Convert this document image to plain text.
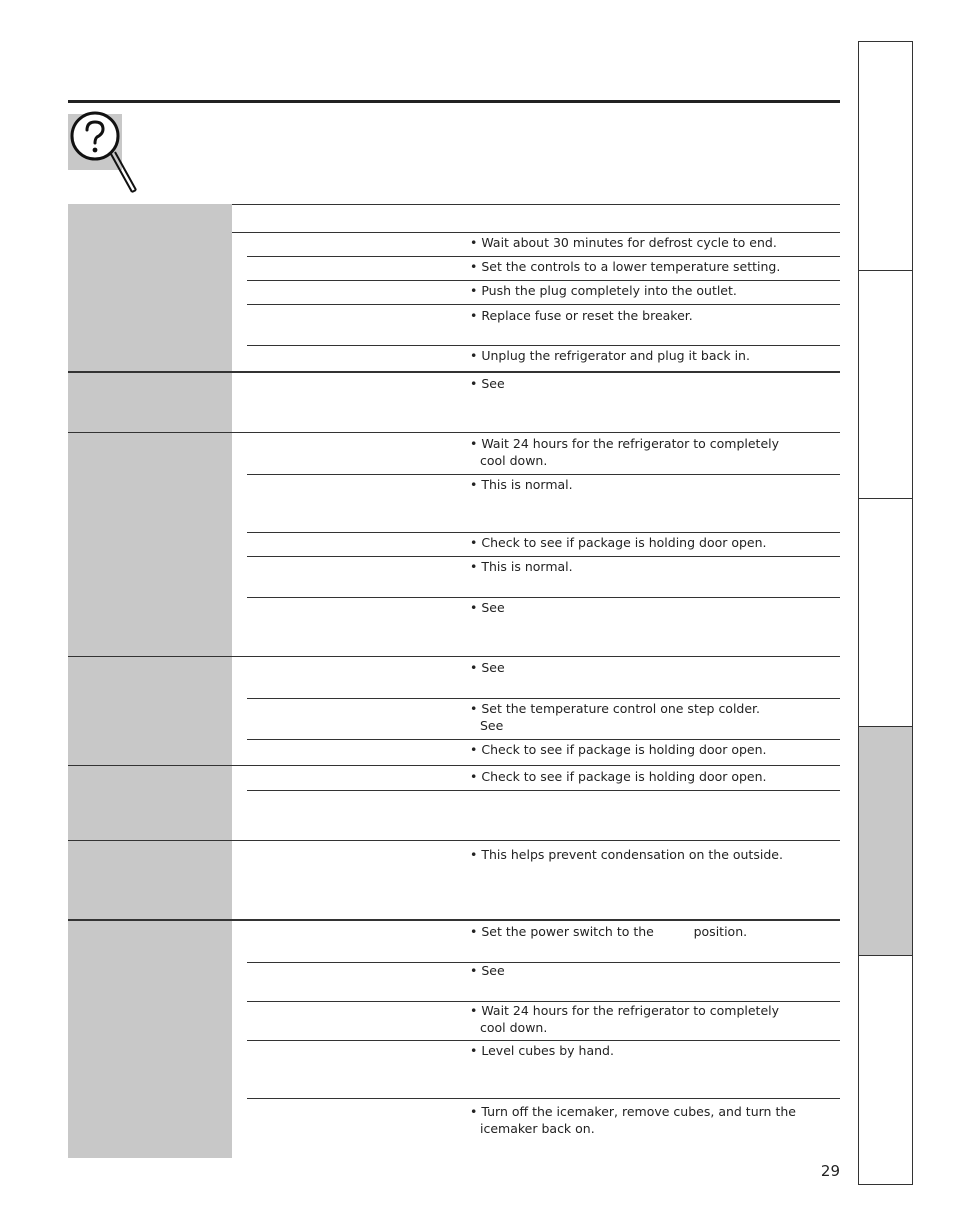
• Wait about 30 minutes for defrost cycle to end.
• Set the controls to a lower temperature setting.
• Push the plug completely into the outlet.
• Replace fuse or reset the breaker.
• Unplug the refrigerator and plug it back in.
• See
• Wait 24 hours for the refrigerator to completely
cool down.
• This is normal.
• Check to see if package is holding door open.
• This is normal.
• See
• See
• Set the temperature control one step colder.
See
• Check to see if package is holding door open.
• Check to see if package is holding door open.
• This helps prevent condensation on the outside.
• Set the power switch to the          position.
• See
• Wait 24 hours for the refrigerator to completely
cool down.
• Level cubes by hand.
• Turn off the icemaker, remove cubes, and turn the
icemaker back on.
29
